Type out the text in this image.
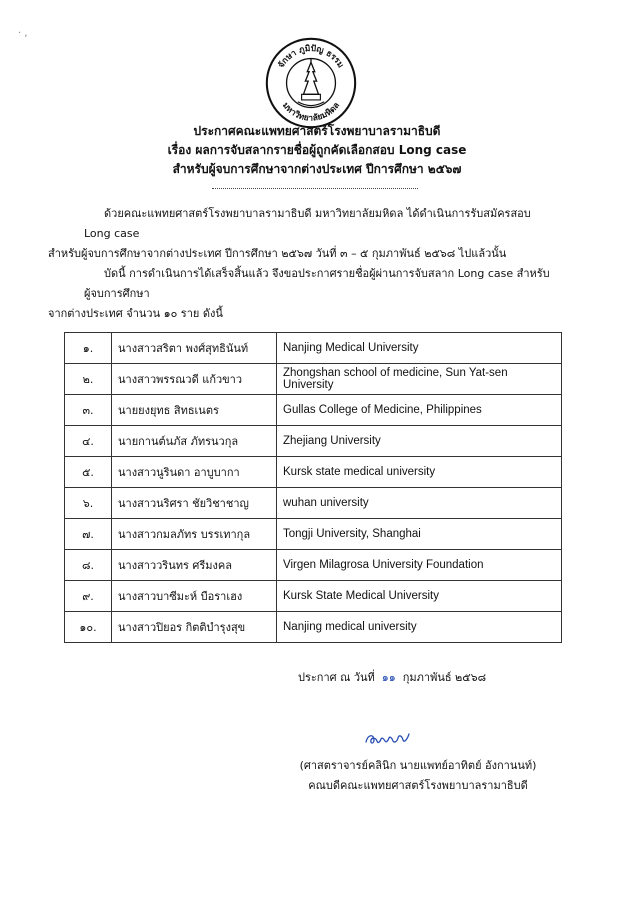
· ,
จักษา ภูมิปัญ ธรรม
มหาวิทยาลัยมหิดล
ประกาศคณะแพทยศาสตร์โรงพยาบาลรามาธิบดี
เรื่อง ผลการจับสลากรายชื่อผู้ถูกคัดเลือกสอบ Long case
สำหรับผู้จบการศึกษาจากต่างประเทศ ปีการศึกษา ๒๕๖๗
ด้วยคณะแพทยศาสตร์โรงพยาบาลรามาธิบดี มหาวิทยาลัยมหิดล ได้ดำเนินการรับสมัครสอบ Long case
สำหรับผู้จบการศึกษาจากต่างประเทศ ปีการศึกษา ๒๕๖๗ วันที่ ๓ – ๕ กุมภาพันธ์ ๒๕๖๘ ไปแล้วนั้น
บัดนี้ การดำเนินการได้เสร็จสิ้นแล้ว จึงขอประกาศรายชื่อผู้ผ่านการจับสลาก Long case สำหรับผู้จบการศึกษา
จากต่างประเทศ จำนวน ๑๐ ราย ดังนี้
๑.	นางสาวสริตา พงศ์สุทธินันท์	Nanjing Medical University
๒.	นางสาวพรรณวดี แก้วขาว	Zhongshan school of medicine, Sun Yat-sen University
๓.	นายยงยุทธ สิทธเนตร	Gullas College of Medicine, Philippines
๔.	นายกานต์นภัส ภัทรนวกุล	Zhejiang University
๕.	นางสาวนูรินดา อาบูบากา	Kursk state medical university
๖.	นางสาวนริศรา ชัยวิชาชาญ	wuhan university
๗.	นางสาวกมลภัทร บรรเทากุล	Tongji University, Shanghai
๘.	นางสาววรินทร ศรีมงคล	Virgen Milagrosa University Foundation
๙.	นางสาวบาซีมะห์ บือราเฮง	Kursk State Medical University
๑๐.	นางสาวปิยอร กิตติบำรุงสุข	Nanjing medical university
ประกาศ ณ วันที่ ๑๑ กุมภาพันธ์ ๒๕๖๘
(ศาสตราจารย์คลินิก นายแพทย์อาทิตย์ อังกานนท์)
คณบดีคณะแพทยศาสตร์โรงพยาบาลรามาธิบดี
